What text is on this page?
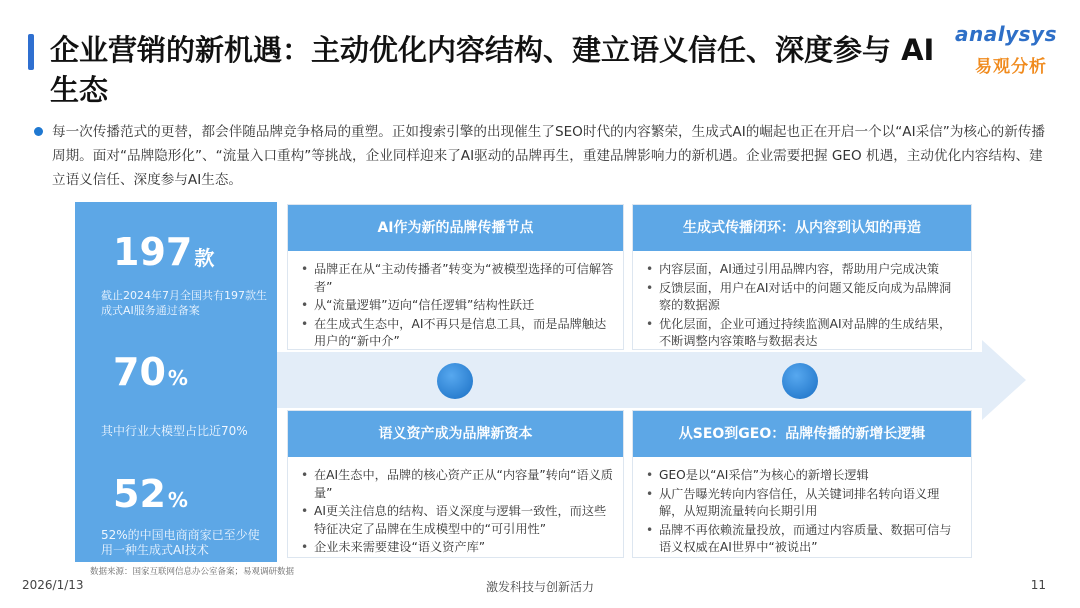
企业营销的新机遇：主动优化内容结构、建立语义信任、深度参与 AI 生态
analysys
易观分析
每一次传播范式的更替，都会伴随品牌竞争格局的重塑。正如搜索引擎的出现催生了SEO时代的内容繁荣，生成式AI的崛起也正在开启一个以“AI采信”为核心的新传播周期。面对“品牌隐形化”、“流量入口重构”等挑战，企业同样迎来了AI驱动的品牌再生，重建品牌影响力的新机遇。企业需要把握 GEO 机遇，主动优化内容结构、建立语义信任、深度参与AI生态。
197 款
截止2024年7月全国共有197款生成式AI服务通过备案
70 %
其中行业大模型占比近70%
52 %
52%的中国电商商家已至少使用一种生成式AI技术
AI作为新的品牌传播节点
• 品牌正在从“主动传播者”转变为“被模型选择的可信解答者”
• 从“流量逻辑”迈向“信任逻辑”结构性跃迁
• 在生成式生态中，AI不再只是信息工具，而是品牌触达用户的“新中介”
生成式传播闭环：从内容到认知的再造
• 内容层面，AI通过引用品牌内容，帮助用户完成决策
• 反馈层面，用户在AI对话中的问题又能反向成为品牌洞察的数据源
• 优化层面，企业可通过持续监测AI对品牌的生成结果，不断调整内容策略与数据表达
语义资产成为品牌新资本
• 在AI生态中，品牌的核心资产正从“内容量”转向“语义质量”
• AI更关注信息的结构、语义深度与逻辑一致性，而这些特征决定了品牌在生成模型中的“可引用性”
• 企业未来需要建设“语义资产库”
从SEO到GEO：品牌传播的新增长逻辑
• GEO是以“AI采信”为核心的新增长逻辑
• 从广告曝光转向内容信任，从关键词排名转向语义理解，从短期流量转向长期引用
• 品牌不再依赖流量投放，而通过内容质量、数据可信与语义权威在AI世界中“被说出”
数据来源：国家互联网信息办公室备案；易观调研数据
2026/1/13	激发科技与创新活力	11
